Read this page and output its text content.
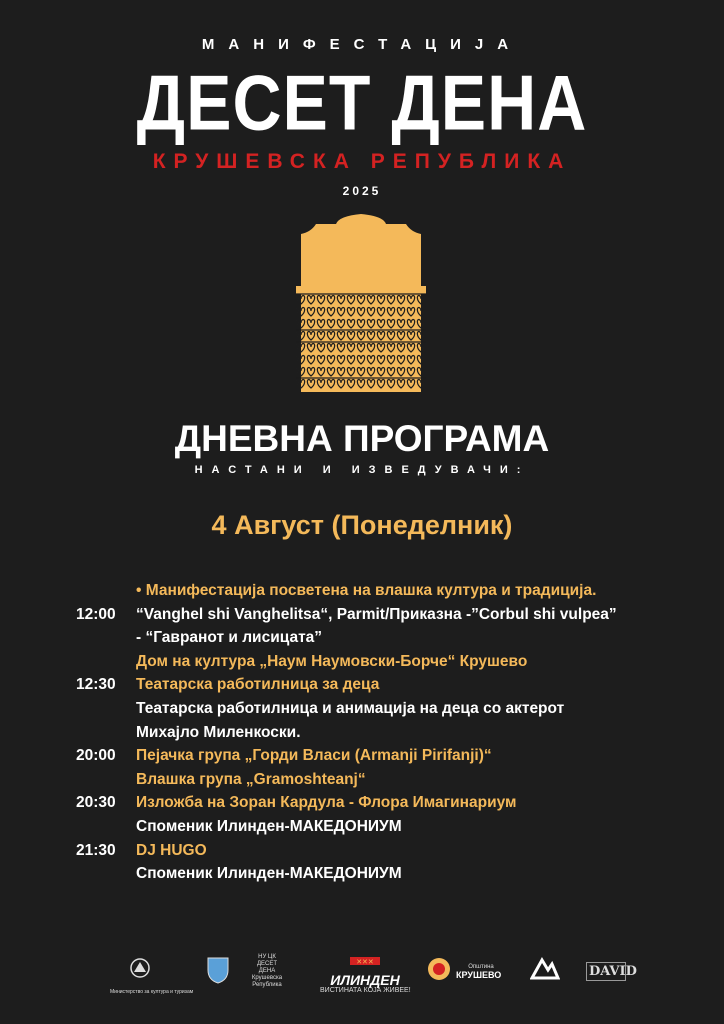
МАНИФЕСТАЦИЈА
ДЕСЕТ ДЕНА
КРУШЕВСКА РЕПУБЛИКА
2025
ДНЕВНА ПРОГРАМА
НАСТАНИ И ИЗВЕДУВАЧИ:
4 Август (Понеделник)
• Манифестација посветена на влашка култура и традиција.
12:00	“Vanghel shi Vanghelitsa“, Parmit/Приказна -”Corbul shi vulpea”
- “Гавранот и лисицата”
Дом на култура „Наум Наумовски-Борче“ Крушево
12:30	Театарска работилница за деца
Театарска работилница и анимација на деца со актерот
Михајло Миленкоски.
20:00	Пејачка група „Горди Власи (Armanji Pirifanji)“
Влашка група „Gramoshteanj“
20:30	Изложба на Зоран Кардула - Флора Имагинариум
Споменик Илинден-МАКЕДОНИУМ
21:30	DJ HUGO
Споменик Илинден-МАКЕДОНИУМ
Министерство за култура и туризам
НУ ЦК ДЕСЕТ ДЕНА Крушевска Република
✕✕✕
ИЛИНДЕН
ВИСТИНАТА КОЈА ЖИВЕЕ!
Општина
КРУШЕВО	DAVID
